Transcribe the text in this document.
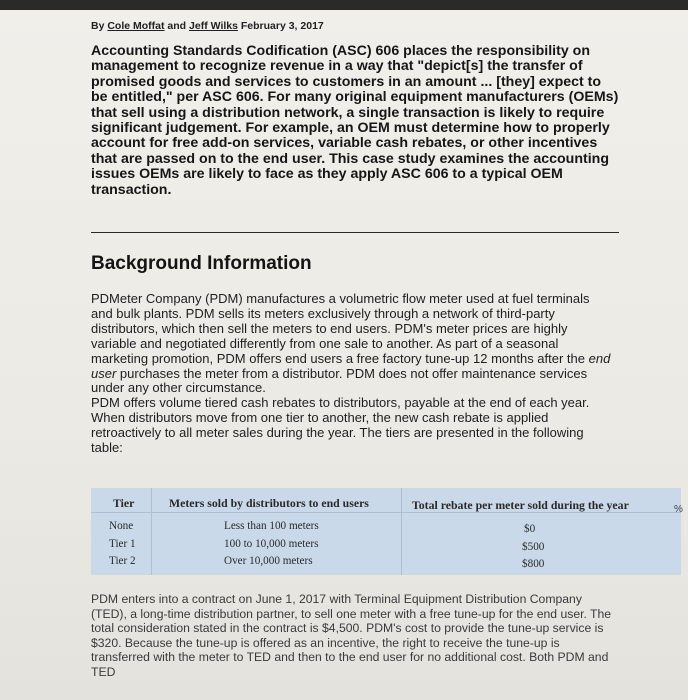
By Cole Moffat and Jeff Wilks February 3, 2017
Accounting Standards Codification (ASC) 606 places the responsibility on management to recognize revenue in a way that "depict[s] the transfer of promised goods and services to customers in an amount ... [they] expect to be entitled," per ASC 606. For many original equipment manufacturers (OEMs) that sell using a distribution network, a single transaction is likely to require significant judgement. For example, an OEM must determine how to properly account for free add-on services, variable cash rebates, or other incentives that are passed on to the end user. This case study examines the accounting issues OEMs are likely to face as they apply ASC 606 to a typical OEM transaction.
Background Information

PDMeter Company (PDM) manufactures a volumetric flow meter used at fuel terminals and bulk plants. PDM sells its meters exclusively through a network of third-party distributors, which then sell the meters to end users. PDM's meter prices are highly variable and negotiated differently from one sale to another. As part of a seasonal marketing promotion, PDM offers end users a free factory tune-up 12 months after the end user purchases the meter from a distributor. PDM does not offer maintenance services under any other circumstance.

PDM offers volume tiered cash rebates to distributors, payable at the end of each year. When distributors move from one tier to another, the new cash rebate is applied retroactively to all meter sales during the year. The tiers are presented in the following table:

Tier	Meters sold by distributors to end users	Total rebate per meter sold during the year
None	Less than 100 meters	$0
Tier 1	100 to 10,000 meters	$500
Tier 2	Over 10,000 meters	$800
%
PDM enters into a contract on June 1, 2017 with Terminal Equipment Distribution Company (TED), a long-time distribution partner, to sell one meter with a free tune-up for the end user. The total consideration stated in the contract is $4,500. PDM's cost to provide the tune-up service is $320. Because the tune-up is offered as an incentive, the right to receive the tune-up is transferred with the meter to TED and then to the end user for no additional cost. Both PDM and TED
